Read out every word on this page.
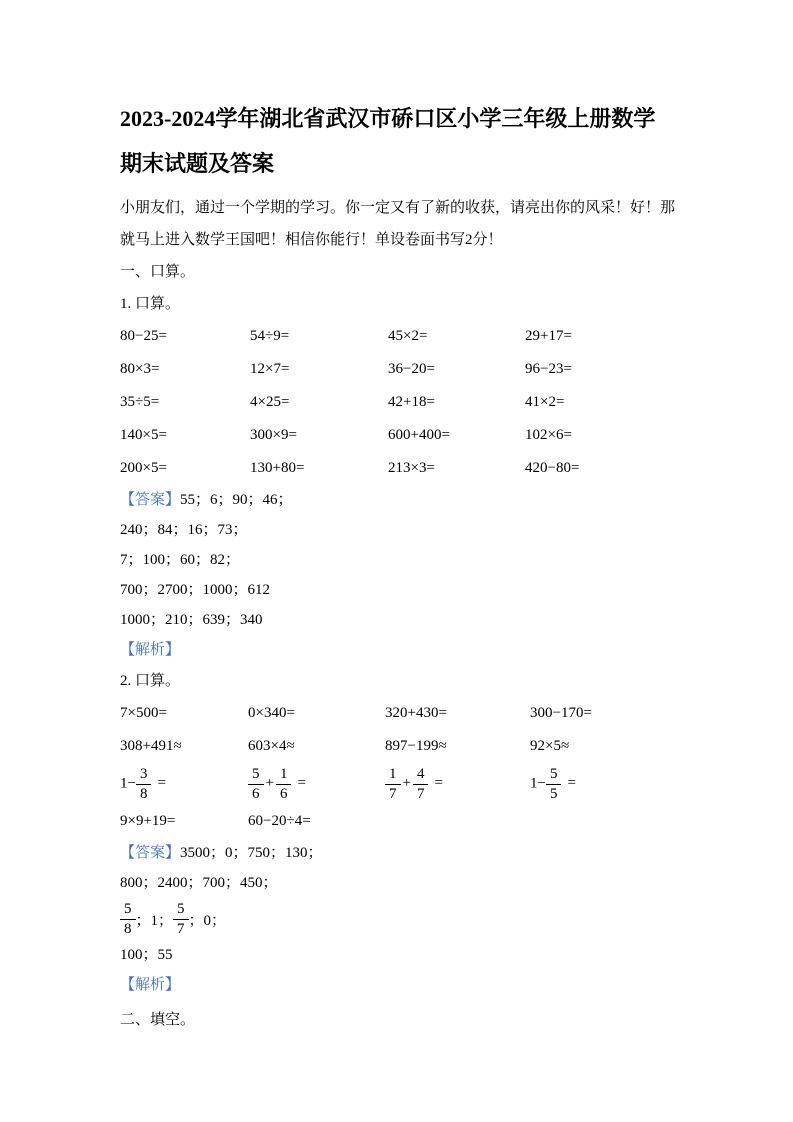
2023-2024学年湖北省武汉市硚口区小学三年级上册数学期末试题及答案

小朋友们，通过一个学期的学习。你一定又有了新的收获，请亮出你的风采！好！那就马上进入数学王国吧！相信你能行！单设卷面书写2分！

一、口算。
1. 口算。
80−25=	54÷9=	45×2=	29+17=
80×3=	12×7=	36−20=	96−23=
35÷5=	4×25=	42+18=	41×2=
140×5=	300×9=	600+400=	102×6=
200×5=	130+80=	213×3=	420−80=
【答案】55；6；90；46；
240；84；16；73；
7；100；60；82；
700；2700；1000；612
1000；210；639；340
【解析】
2. 口算。
7×500=	0×340=	320+430=	300−170=
308+491≈	603×4≈	897−199≈	92×5≈
$1- \frac{3}{8}$ =	$\frac{5}{6} + \frac{1}{6}$ =	$\frac{1}{7} + \frac{4}{7}$ =	$1- \frac{5}{5}$ =
9×9+19=	60−20÷4=
【答案】3500；0；750；130；
800；2400；700；450；
$\frac{5}{8}$ ；1； $\frac{5}{7}$ ；0；
100；55
【解析】
二、填空。
